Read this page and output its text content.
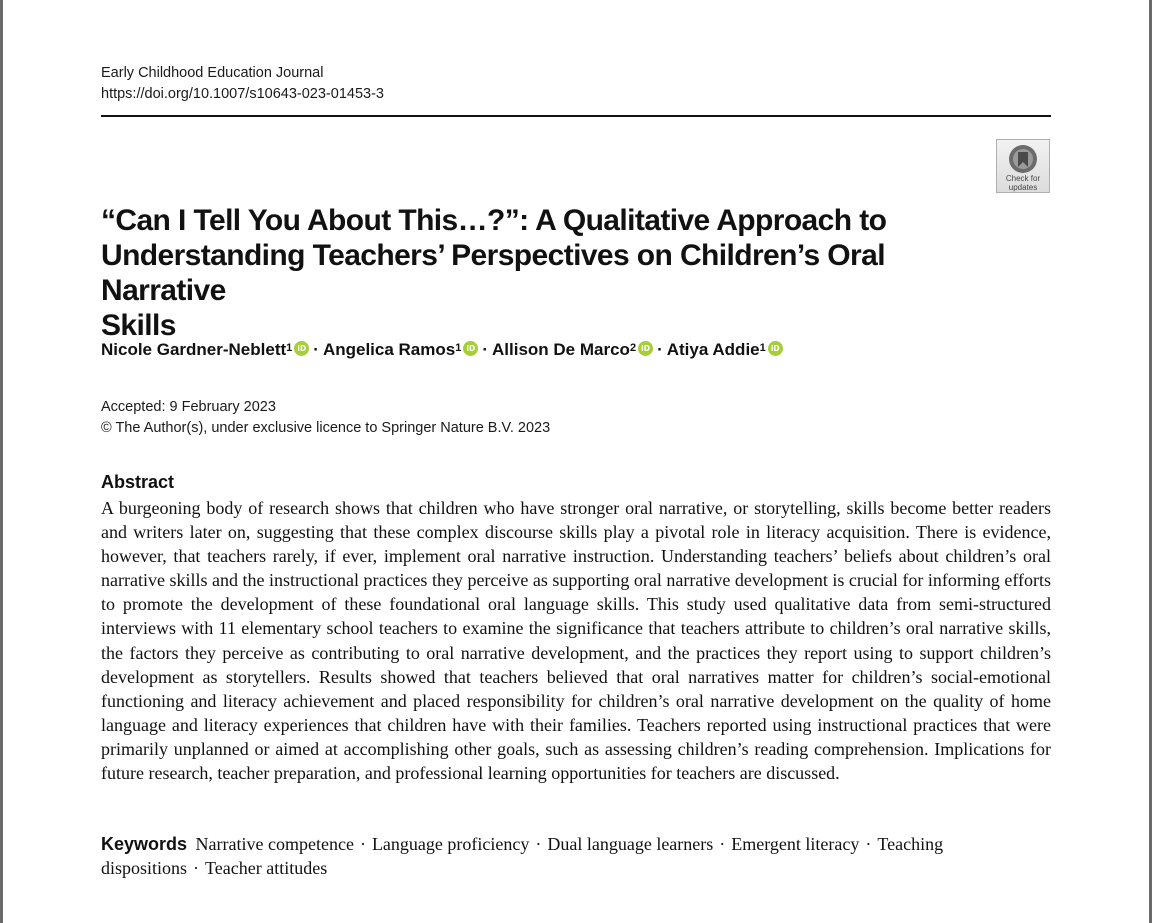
Early Childhood Education Journal
https://doi.org/10.1007/s10643-023-01453-3
Check for
updates
“Can I Tell You About This…?”: A Qualitative Approach to
Understanding Teachers’ Perspectives on Children’s Oral Narrative
Skills
Nicole Gardner-Neblett$^1$ iD · Angelica Ramos$^1$ iD · Allison De Marco$^2$ iD · Atiya Addie$^1$ iD
Accepted: 9 February 2023
© The Author(s), under exclusive licence to Springer Nature B.V. 2023
Abstract
A burgeoning body of research shows that children who have stronger oral narrative, or storytelling, skills become better readers and writers later on, suggesting that these complex discourse skills play a pivotal role in literacy acquisition. There is evidence, however, that teachers rarely, if ever, implement oral narrative instruction. Understanding teachers’ beliefs about children’s oral narrative skills and the instructional practices they perceive as supporting oral narrative development is crucial for informing efforts to promote the development of these foundational oral language skills. This study used qualitative data from semi-structured interviews with 11 elementary school teachers to examine the significance that teachers attribute to children’s oral narrative skills, the factors they perceive as contributing to oral narrative development, and the practices they report using to support children’s development as storytellers. Results showed that teachers believed that oral narratives matter for children’s social-emotional functioning and literacy achievement and placed responsibility for children’s oral narrative development on the quality of home language and literacy experiences that children have with their families. Teachers reported using instructional practices that were primarily unplanned or aimed at accomplishing other goals, such as assessing children’s reading comprehension. Implications for future research, teacher preparation, and professional learning opportunities for teachers are discussed.
Keywords Narrative competence · Language proficiency · Dual language learners · Emergent literacy · Teaching dispositions · Teacher attitudes
